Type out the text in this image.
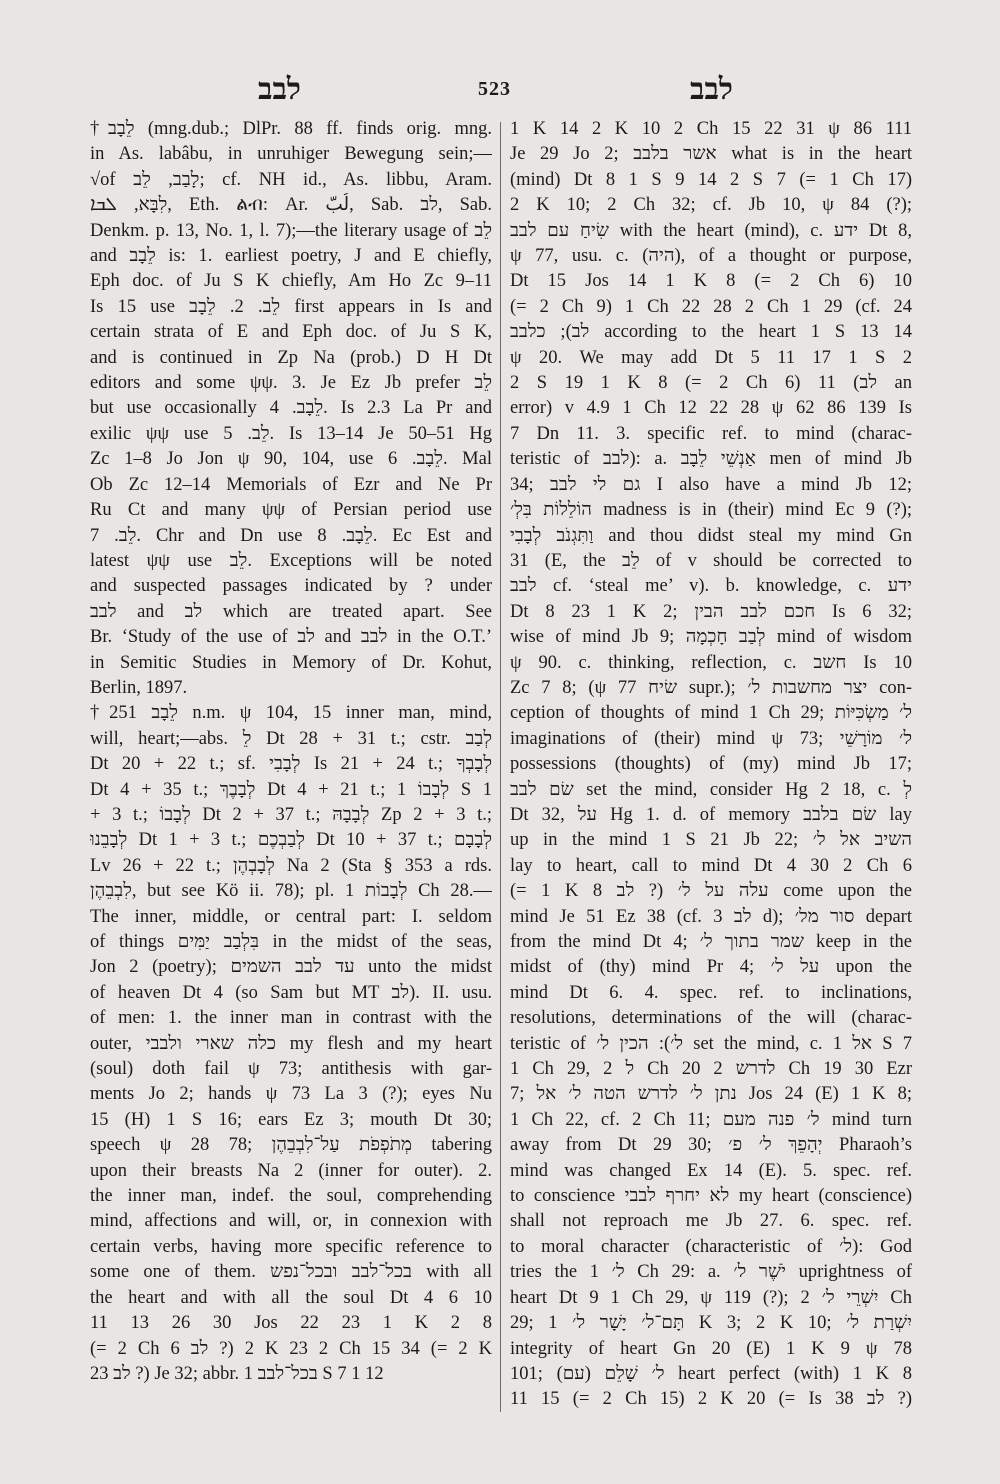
לבב	523	לבב
†לֵבָב (mng.dub.; DlPr. 88 ff. finds orig. mng.
in As. labâbu, in unruhiger Bewegung sein;—
√of לָבַב, לֵב; cf. NH id., As. libbu, Aram.
לִבָּא, ܠܒܐ, Eth. ልብ: Ar. لُبّ, Sab. לב, Sab.
Denkm. p. 13, No. 1, l. 7);—the literary usage of לֵב
and לֵבָב is: 1. earliest poetry, J and E chiefly,
Eph doc. of Ju S K chiefly, Am Ho Zc 9–11
Is 15 use לֵב. 2. לֵבָב first appears in Is and
certain strata of E and Eph doc. of Ju S K,
and is continued in Zp Na (prob.) D H Dt
editors and some ψψ. 3. Je Ez Jb prefer לֵב
but use occasionally לֵבָב. 4. Is 2.3 La Pr and
exilic ψψ use לֵב. 5. Is 13–14 Je 50–51 Hg
Zc 1–8 Jo Jon ψ 90, 104, use לֵבָב. 6. Mal
Ob Zc 12–14 Memorials of Ezr and Ne Pr
Ru Ct and many ψψ of Persian period use
לֵב. 7. Chr and Dn use לֵבָב. 8. Ec Est and
latest ψψ use לֵב. Exceptions will be noted
and suspected passages indicated by ? under
לבב and לב which are treated apart. See
Br. ‘Study of the use of לב and לבב in the O.T.’
in Semitic Studies in Memory of Dr. Kohut,
Berlin, 1897.
†לֵבָב 251 n.m. ψ 104, 15 inner man, mind,
will, heart;—abs. לֵ Dt 28 + 31 t.; cstr. לְבַב
Dt 20 + 22 t.; sf. לְבָבִי Is 21 + 24 t.; לְבָבְךָ
Dt 4 + 35 t.; לְבָבֶךְ Dt 4 + 21 t.; לְבָבוֹ 1 S 1
+ 3 t.; לְבָבוֹ Dt 2 + 37 t.; לְבָבָהּ Zp 2 + 3 t.;
לְבָבֵנוּ Dt 1 + 3 t.; לְבַבְכֶם Dt 10 + 37 t.; לְבָבָם
Lv 26 + 22 t.; לְבָבְהֶן Na 2 (Sta § 353 a rds.
לִבְבֵהֶן, but see Kö ii. 78); pl. לְבָבוֹת 1 Ch 28.—
The inner, middle, or central part: I. seldom
of things בִּלְבַב יַמִּים in the midst of the seas,
Jon 2 (poetry); עד לבב השמים unto the midst
of heaven Dt 4 (so Sam but MT לב). II. usu.
of men: 1. the inner man in contrast with the
outer, כלה שארי ולבבי my flesh and my heart
(soul) doth fail ψ 73; antithesis with gar-
ments Jo 2; hands ψ 73 La 3 (?); eyes Nu
15 (H) 1 S 16; ears Ez 3; mouth Dt 30;
speech ψ 28 78; מְתֹפְפֹת עַל־לִבְבֵהֶן tabering
upon their breasts Na 2 (inner for outer). 2.
the inner man, indef. the soul, comprehending
mind, affections and will, or, in connexion with
certain verbs, having more specific reference to
some one of them. בכל־לבב ובכל־נפש with all
the heart and with all the soul Dt 4 6 10
11 13 26 30 Jos 22 23 1 K 2 8
(= 2 Ch 6 לב ?) 2 K 23 2 Ch 15 34 (= 2 K
23 לב ?) Je 32; abbr. בכל־לבב 1 S 7 1 12
1 K 14 2 K 10 2 Ch 15 22 31 ψ 86 111
Je 29 Jo 2; אשר בלבב what is in the heart
(mind) Dt 8 1 S 9 14 2 S 7 (= 1 Ch 17)
2 K 10; 2 Ch 32; cf. Jb 10, ψ 84 (?);
שִׂיחַ עם לבב with the heart (mind), c. ידע Dt 8,
ψ 77, usu. c. (היה), of a thought or purpose,
Dt 15 Jos 14 1 K 8 (= 2 Ch 6) 10
(= 2 Ch 9) 1 Ch 22 28 2 Ch 1 29 (cf. 24
לב); כלבב according to the heart 1 S 13 14
ψ 20. We may add Dt 5 11 17 1 S 2
2 S 19 1 K 8 (= 2 Ch 6) 11 (לב an
error) v 4.9 1 Ch 12 22 28 ψ 62 86 139 Is
7 Dn 11. 3. specific ref. to mind (charac-
teristic of לבב): a. אַנְשֵׁי לֵבָב men of mind Jb
34; גם לי לבב I also have a mind Jb 12;
הוֹלֵלוֹת בִּלְ׳ madness is in (their) mind Ec 9 (?);
וַתִּגְנֹב לְבָבִי and thou didst steal my mind Gn
31 (E, the לֵב of v should be corrected to
לבב cf. ‘steal me’ v). b. knowledge, c. ידע
Dt 8 23 1 K 2; חכם לבב הבין Is 6 32;
wise of mind Jb 9; לְבַב חָכְמָה mind of wisdom
ψ 90. c. thinking, reflection, c. חשב Is 10
Zc 7 8; (ψ 77 שׂיח supr.); יצר מחשבות ל׳ con-
ception of thoughts of mind 1 Ch 29; ל׳ מַשְׂכִּיּוֹת
imaginations of (their) mind ψ 73; ל׳ מוֹרָשֵׁי
possessions (thoughts) of (my) mind Jb 17;
שׂם לבב set the mind, consider Hg 2 18, c. לְ
Dt 32, על Hg 1. d. of memory שׂם בלבב lay
up in the mind 1 S 21 Jb 22; השיב אל ל׳
lay to heart, call to mind Dt 4 30 2 Ch 6
(= 1 K 8 לב ?) עלה על ל׳ come upon the
mind Je 51 Ez 38 (cf. לב 3 d); סור מל׳ depart
from the mind Dt 4; שמר בתוך ל׳ keep in the
midst of (thy) mind Pr 4; על ל׳ upon the
mind Dt 6. 4. spec. ref. to inclinations,
resolutions, determinations of the will (charac-
teristic of ל׳): הכין ל׳ set the mind, c. אל 1 S 7
1 Ch 29, ל 2 Ch 20 לדרש 2 Ch 19 30 Ezr
7; נתן ל׳ לדרש הטה ל׳ אל Jos 24 (E) 1 K 8;
1 Ch 22, cf. 2 Ch 11; ל׳ פנה מעם mind turn
away from Dt 29 30; יְהָפֵךְ ל׳ פ׳ Pharaoh’s
mind was changed Ex 14 (E). 5. spec. ref.
to conscience לא יחרף לבבי my heart (conscience)
shall not reproach me Jb 27. 6. spec. ref.
to moral character (characteristic of ל׳): God
tries the ל׳ 1 Ch 29: a. יֹשֶׁר ל׳ uprightness of
heart Dt 9 1 Ch 29, ψ 119 (?); יִשְׁרֵי ל׳ 2 Ch
29; תָּם־ל׳ יָשָׁר ל׳ 1 K 3; 2 K 10; יִשְׁרַת ל׳
integrity of heart Gn 20 (E) 1 K 9 ψ 78
101; (עם) ל׳ שָׁלֵם heart perfect (with) 1 K 8
11 15 (= 2 Ch 15) 2 K 20 (= Is 38 לב ?)
